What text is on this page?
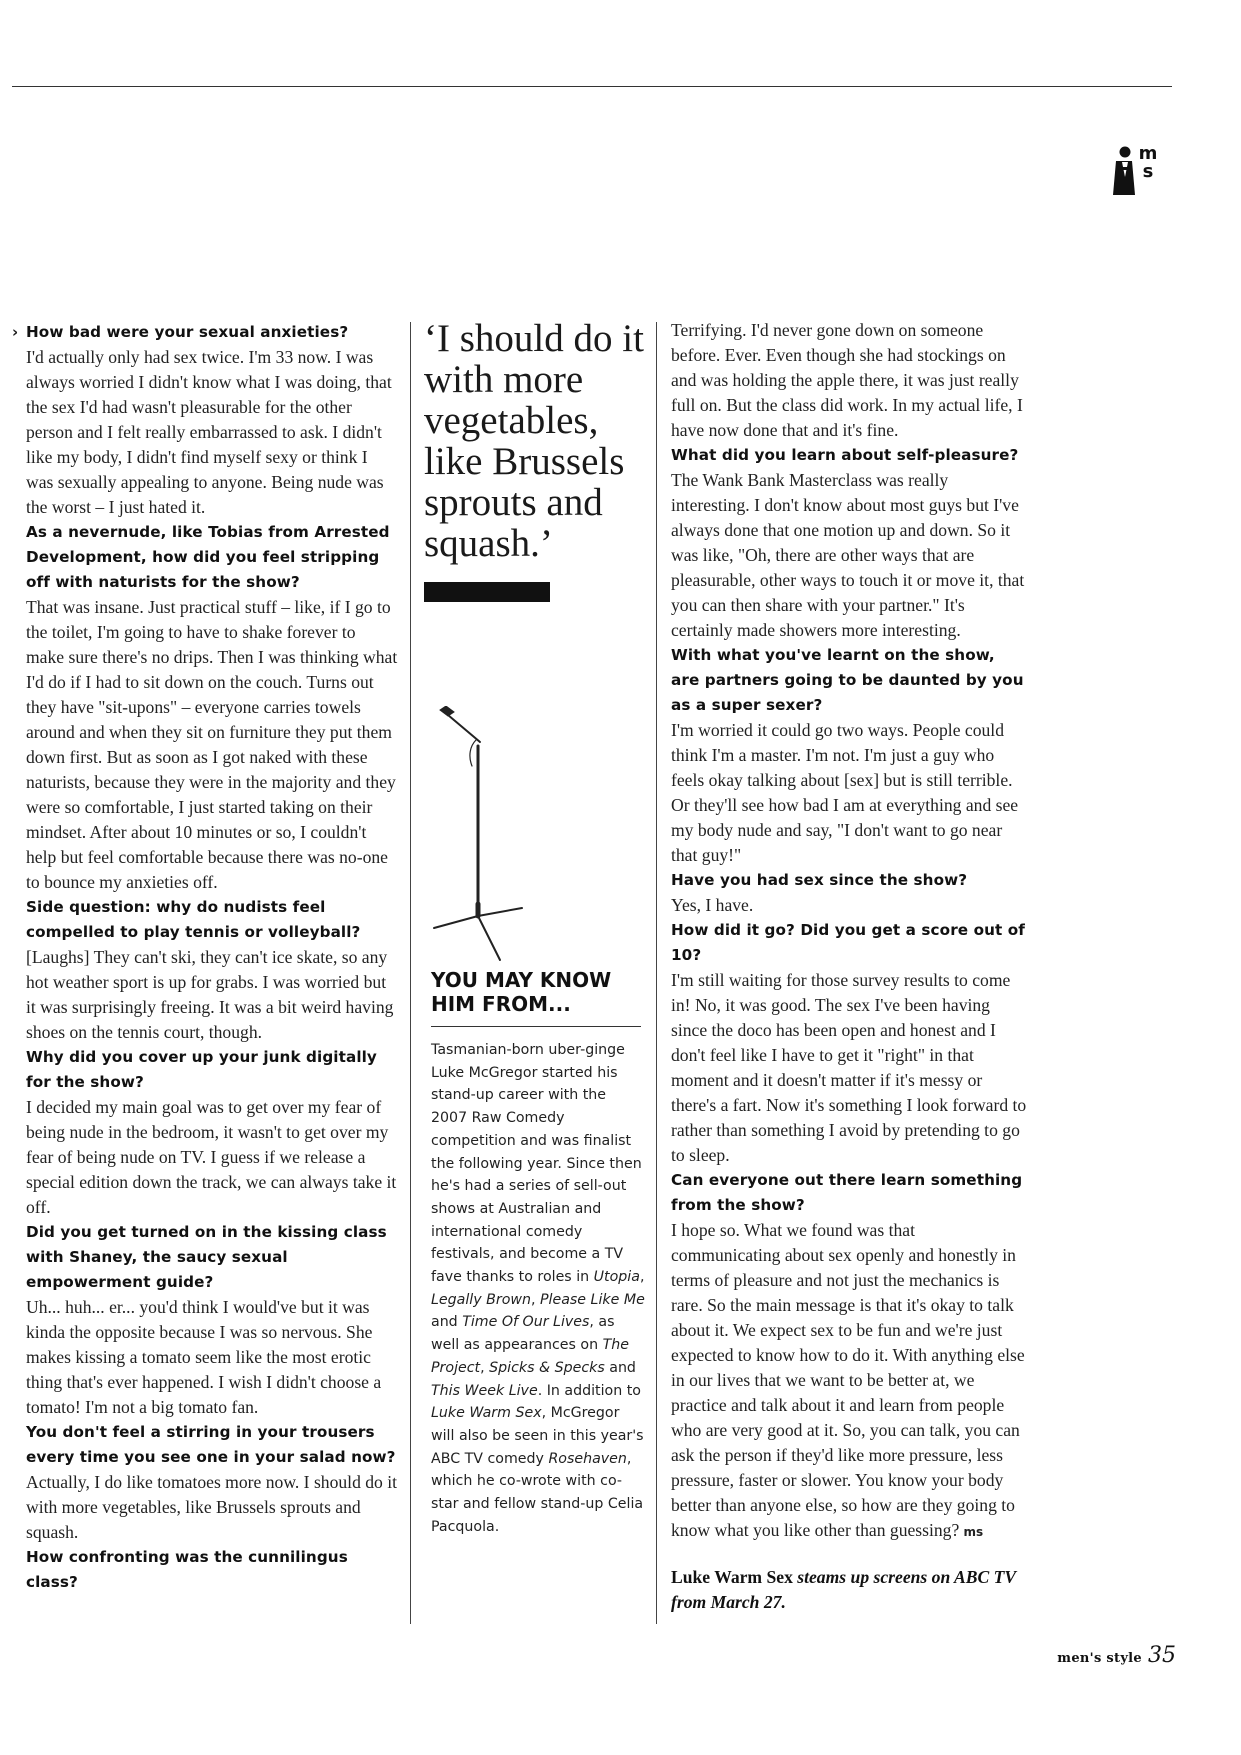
m
s
› How bad were your sexual anxieties?

I'd actually only had sex twice. I'm 33 now. I was always worried I didn't know what I was doing, that the sex I'd had wasn't pleasurable for the other person and I felt really embarrassed to ask. I didn't like my body, I didn't find myself sexy or think I was sexually appealing to anyone. Being nude was the worst – I just hated it.

As a nevernude, like Tobias from Arrested Development, how did you feel stripping off with naturists for the show?

That was insane. Just practical stuff – like, if I go to the toilet, I'm going to have to shake forever to make sure there's no drips. Then I was thinking what I'd do if I had to sit down on the couch. Turns out they have "sit-upons" – everyone carries towels around and when they sit on furniture they put them down first. But as soon as I got naked with these naturists, because they were in the majority and they were so comfortable, I just started taking on their mindset. After about 10 minutes or so, I couldn't help but feel comfortable because there was no-one to bounce my anxieties off.

Side question: why do nudists feel compelled to play tennis or volleyball?

[Laughs] They can't ski, they can't ice skate, so any hot weather sport is up for grabs. I was worried but it was surprisingly freeing. It was a bit weird having shoes on the tennis court, though.

Why did you cover up your junk digitally for the show?

I decided my main goal was to get over my fear of being nude in the bedroom, it wasn't to get over my fear of being nude on TV. I guess if we release a special edition down the track, we can always take it off.

Did you get turned on in the kissing class with Shaney, the saucy sexual empowerment guide?

Uh... huh... er... you'd think I would've but it was kinda the opposite because I was so nervous. She makes kissing a tomato seem like the most erotic thing that's ever happened. I wish I didn't choose a tomato! I'm not a big tomato fan.

You don't feel a stirring in your trousers every time you see one in your salad now?

Actually, I do like tomatoes more now. I should do it with more vegetables, like Brussels sprouts and squash.

How confronting was the cunnilingus class?

‘I should do it with more vegetables, like Brussels sprouts and squash.’

YOU MAY KNOW HIM FROM...
Tasmanian-born uber-ginge Luke McGregor started his stand-up career with the 2007 Raw Comedy competition and was finalist the following year. Since then he's had a series of sell-out shows at Australian and international comedy festivals, and become a TV fave thanks to roles in Utopia, Legally Brown, Please Like Me and Time Of Our Lives, as well as appearances on The Project, Spicks & Specks and This Week Live. In addition to Luke Warm Sex, McGregor will also be seen in this year's ABC TV comedy Rosehaven, which he co-wrote with co-star and fellow stand-up Celia Pacquola.

Terrifying. I'd never gone down on someone before. Ever. Even though she had stockings on and was holding the apple there, it was just really full on. But the class did work. In my actual life, I have now done that and it's fine.

What did you learn about self-pleasure?

The Wank Bank Masterclass was really interesting. I don't know about most guys but I've always done that one motion up and down. So it was like, "Oh, there are other ways that are pleasurable, other ways to touch it or move it, that you can then share with your partner." It's certainly made showers more interesting.

With what you've learnt on the show, are partners going to be daunted by you as a super sexer?

I'm worried it could go two ways. People could think I'm a master. I'm not. I'm just a guy who feels okay talking about [sex] but is still terrible. Or they'll see how bad I am at everything and see my body nude and say, "I don't want to go near that guy!"

Have you had sex since the show?

Yes, I have.

How did it go? Did you get a score out of 10?

I'm still waiting for those survey results to come in! No, it was good. The sex I've been having since the doco has been open and honest and I don't feel like I have to get it "right" in that moment and it doesn't matter if it's messy or there's a fart. Now it's something I look forward to rather than something I avoid by pretending to go to sleep.

Can everyone out there learn something from the show?

I hope so. What we found was that communicating about sex openly and honestly in terms of pleasure and not just the mechanics is rare. So the main message is that it's okay to talk about it. We expect sex to be fun and we're just expected to know how to do it. With anything else in our lives that we want to be better at, we practice and talk about it and learn from people who are very good at it. So, you can talk, you can ask the person if they'd like more pressure, less pressure, faster or slower. You know your body better than anyone else, so how are they going to know what you like other than guessing? ms

Luke Warm Sex steams up screens on ABC TV from March 27.

men's style 35
